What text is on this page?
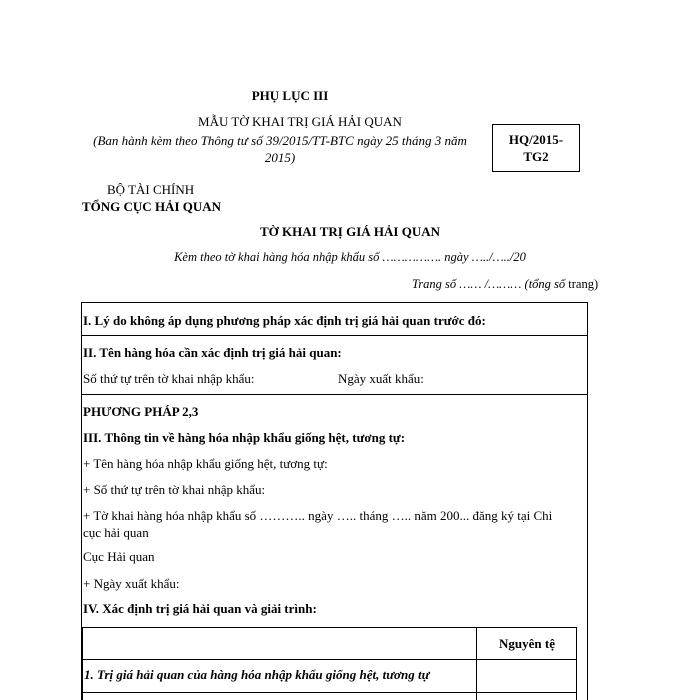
PHỤ LỤC III
MẪU TỜ KHAI TRỊ GIÁ HẢI QUAN
(Ban hành kèm theo Thông tư số 39/2015/TT-BTC ngày 25 tháng 3 năm
2015)
HQ/2015-
TG2
BỘ TÀI CHÍNH
TỔNG CỤC HẢI QUAN
TỜ KHAI TRỊ GIÁ HẢI QUAN
Kèm theo tờ khai hàng hóa nhập khẩu số ……………. ngày …../…../20
Trang số …… /……… (tổng số trang)
I. Lý do không áp dụng phương pháp xác định trị giá hải quan trước đó:
II. Tên hàng hóa cần xác định trị giá hải quan:
Số thứ tự trên tờ khai nhập khẩu:	Ngày xuất khẩu:
PHƯƠNG PHÁP 2,3
III. Thông tin về hàng hóa nhập khẩu giống hệt, tương tự:
+ Tên hàng hóa nhập khẩu giống hệt, tương tự:
+ Số thứ tự trên tờ khai nhập khẩu:
+ Tờ khai hàng hóa nhập khẩu số ……….. ngày ….. tháng ….. năm 200... đăng ký tại Chi
cục hải quan
Cục Hải quan
+ Ngày xuất khẩu:
IV. Xác định trị giá hải quan và giải trình:
Nguyên tệ
1. Trị giá hải quan của hàng hóa nhập khẩu giống hệt, tương tự
